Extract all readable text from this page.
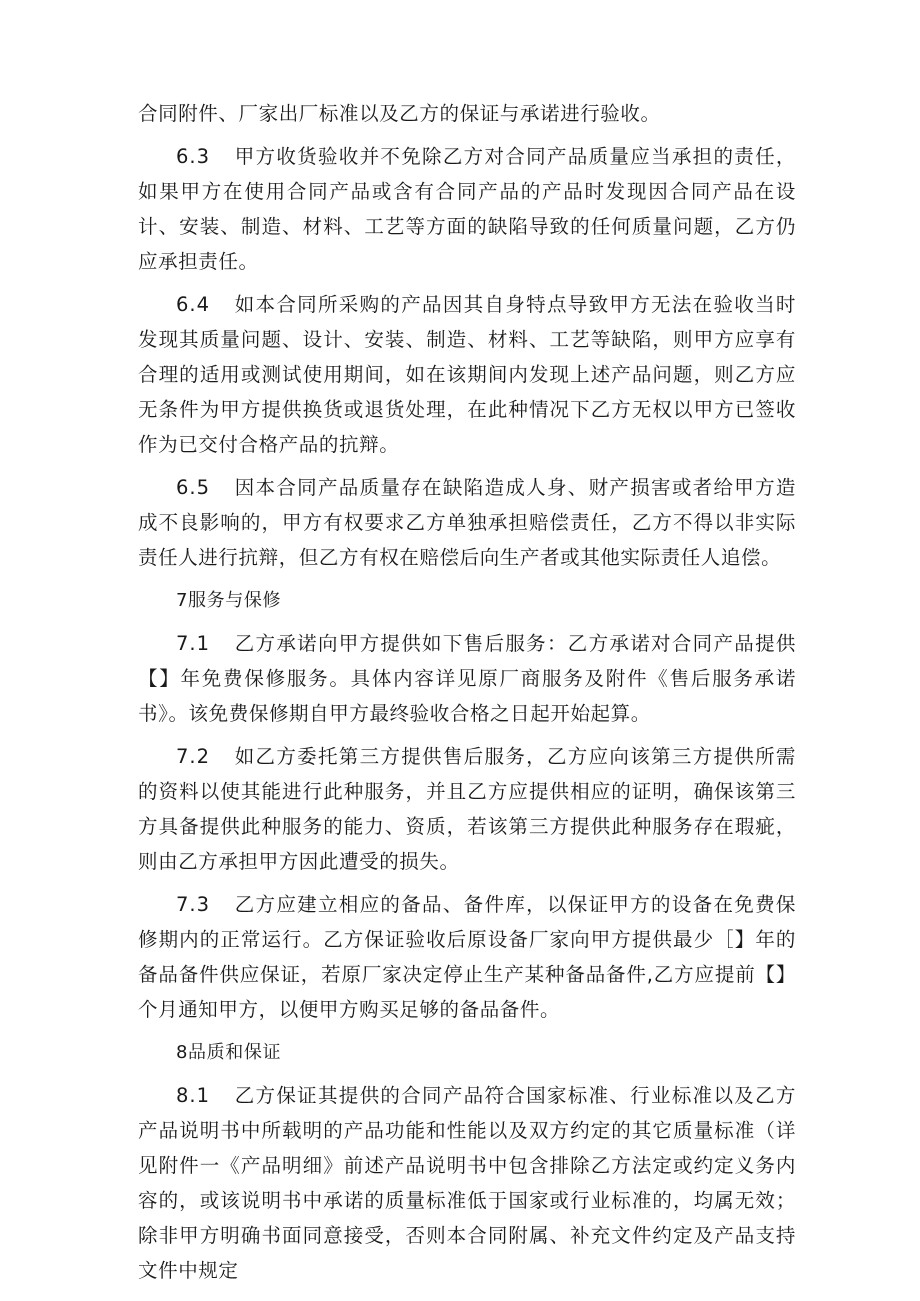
合同附件、厂家出厂标准以及乙方的保证与承诺进行验收。

6.3 甲方收货验收并不免除乙方对合同产品质量应当承担的责任，如果甲方在使用合同产品或含有合同产品的产品时发现因合同产品在设计、安装、制造、材料、工艺等方面的缺陷导致的任何质量问题，乙方仍应承担责任。

6.4 如本合同所采购的产品因其自身特点导致甲方无法在验收当时发现其质量问题、设计、安装、制造、材料、工艺等缺陷，则甲方应享有合理的适用或测试使用期间，如在该期间内发现上述产品问题，则乙方应无条件为甲方提供换货或退货处理，在此种情况下乙方无权以甲方已签收作为已交付合格产品的抗辩。

6.5 因本合同产品质量存在缺陷造成人身、财产损害或者给甲方造成不良影响的，甲方有权要求乙方单独承担赔偿责任，乙方不得以非实际责任人进行抗辩，但乙方有权在赔偿后向生产者或其他实际责任人追偿。

7服务与保修

7.1 乙方承诺向甲方提供如下售后服务：乙方承诺对合同产品提供【】年免费保修服务。具体内容详见原厂商服务及附件《售后服务承诺书》。该免费保修期自甲方最终验收合格之日起开始起算。

7.2 如乙方委托第三方提供售后服务，乙方应向该第三方提供所需的资料以使其能进行此种服务，并且乙方应提供相应的证明，确保该第三方具备提供此种服务的能力、资质，若该第三方提供此种服务存在瑕疵，则由乙方承担甲方因此遭受的损失。

7.3 乙方应建立相应的备品、备件库，以保证甲方的设备在免费保修期内的正常运行。乙方保证验收后原设备厂家向甲方提供最少［】年的备品备件供应保证，若原厂家决定停止生产某种备品备件,乙方应提前【】个月通知甲方，以便甲方购买足够的备品备件。

8品质和保证

8.1 乙方保证其提供的合同产品符合国家标准、行业标准以及乙方产品说明书中所载明的产品功能和性能以及双方约定的其它质量标准（详见附件一《产品明细》前述产品说明书中包含排除乙方法定或约定义务内容的，或该说明书中承诺的质量标准低于国家或行业标准的，均属无效；除非甲方明确书面同意接受，否则本合同附属、补充文件约定及产品支持文件中规定
